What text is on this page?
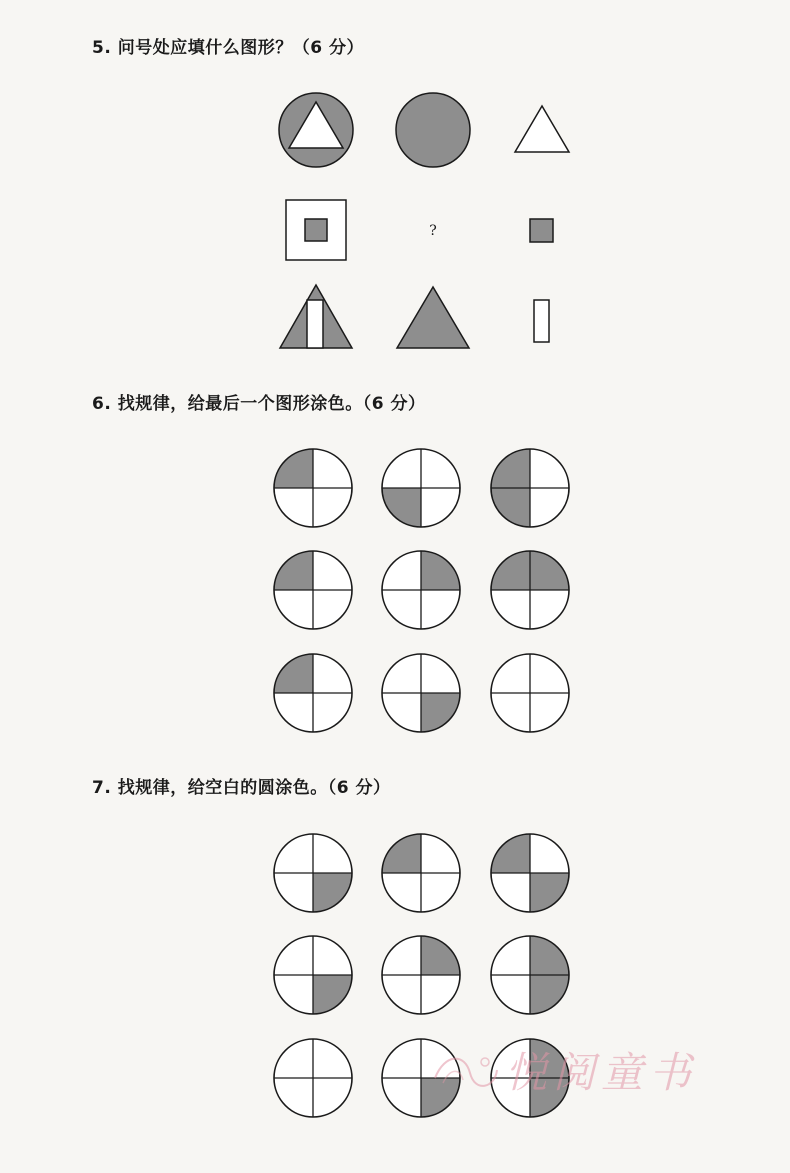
5. 问号处应填什么图形？（6 分）
?
6. 找规律，给最后一个图形涂色。（6 分）
7. 找规律，给空白的圆涂色。（6 分）
悦阅童书
